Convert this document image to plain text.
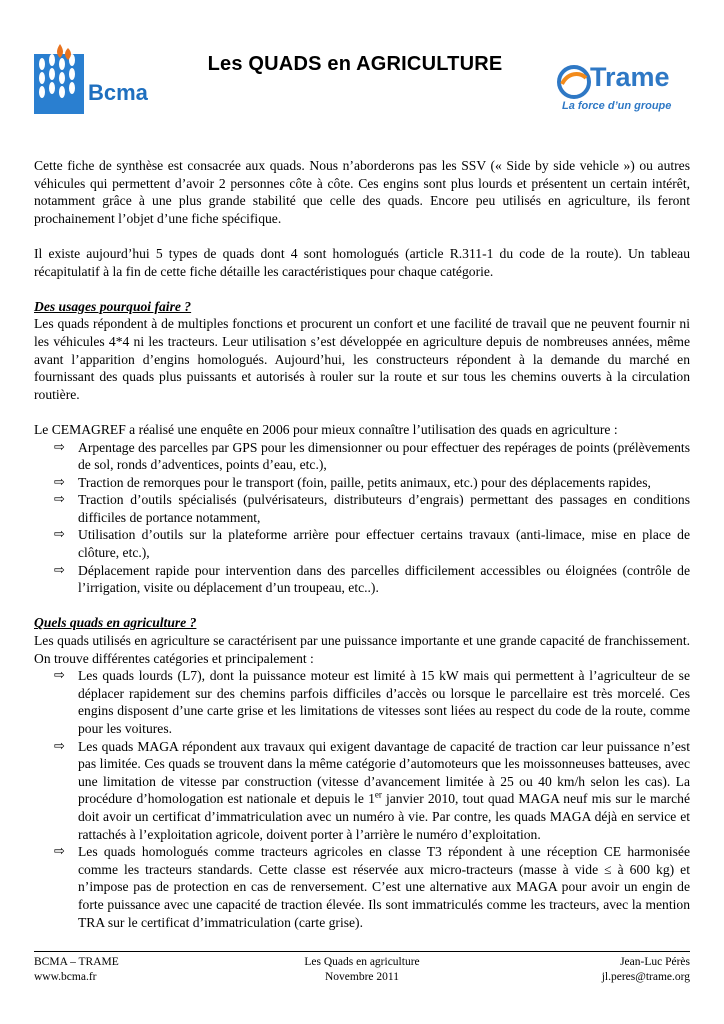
Bcma
Les QUADS en AGRICULTURE	Trame
La force d’un groupe

Cette fiche de synthèse est consacrée aux quads. Nous n’aborderons pas les SSV (« Side by side vehicle ») ou autres véhicules qui permettent d’avoir 2 personnes côte à côte. Ces engins sont plus lourds et présentent un certain intérêt, notamment grâce à une plus grande stabilité que celle des quads. Encore peu utilisés en agriculture, ils feront prochainement l’objet d’une fiche spécifique.

Il existe aujourd’hui 5 types de quads dont 4 sont homologués (article R.311-1 du code de la route). Un tableau récapitulatif à la fin de cette fiche détaille les caractéristiques pour chaque catégorie.

Des usages pourquoi faire ?

Les quads répondent à de multiples fonctions et procurent un confort et une facilité de travail que ne peuvent fournir ni les véhicules 4*4 ni les tracteurs. Leur utilisation s’est développée en agriculture depuis de nombreuses années, même avant l’apparition d’engins homologués. Aujourd’hui, les constructeurs répondent à la demande du marché en fournissant des quads plus puissants et autorisés à rouler sur la route et sur tous les chemins ouverts à la circulation routière.

Le CEMAGREF a réalisé une enquête en 2006 pour mieux connaître l’utilisation des quads en agriculture :

⇨ Arpentage des parcelles par GPS pour les dimensionner ou pour effectuer des repérages de points (prélèvements de sol, ronds d’adventices, points d’eau, etc.),
⇨ Traction de remorques pour le transport (foin, paille, petits animaux, etc.) pour des déplacements rapides,
⇨ Traction d’outils spécialisés (pulvérisateurs, distributeurs d’engrais) permettant des passages en conditions difficiles de portance notamment,
⇨ Utilisation d’outils sur la plateforme arrière pour effectuer certains travaux (anti-limace, mise en place de clôture, etc.),
⇨ Déplacement rapide pour intervention dans des parcelles difficilement accessibles ou éloignées (contrôle de l’irrigation, visite ou déplacement d’un troupeau, etc..).

Quels quads en agriculture ?

Les quads utilisés en agriculture se caractérisent par une puissance importante et une grande capacité de franchissement. On trouve différentes catégories et principalement :

⇨ Les quads lourds (L7), dont la puissance moteur est limité à 15 kW mais qui permettent à l’agriculteur de se déplacer rapidement sur des chemins parfois difficiles d’accès ou lorsque le parcellaire est très morcelé. Ces engins disposent d’une carte grise et les limitations de vitesses sont liées au respect du code de la route, comme pour les voitures.
⇨ Les quads MAGA répondent aux travaux qui exigent davantage de capacité de traction car leur puissance n’est pas limitée. Ces quads se trouvent dans la même catégorie d’automoteurs que les moissonneuses batteuses, avec une limitation de vitesse par construction (vitesse d’avancement limitée à 25 ou 40 km/h selon les cas). La procédure d’homologation est nationale et depuis le 1er janvier 2010, tout quad MAGA neuf mis sur le marché doit avoir un certificat d’immatriculation avec un numéro à vie. Par contre, les quads MAGA déjà en service et rattachés à l’exploitation agricole, doivent porter à l’arrière le numéro d’exploitation.
⇨ Les quads homologués comme tracteurs agricoles en classe T3 répondent à une réception CE harmonisée comme les tracteurs standards. Cette classe est réservée aux micro-tracteurs (masse à vide ≤ à 600 kg) et n’impose pas de protection en cas de renversement. C’est une alternative aux MAGA pour avoir un engin de forte puissance avec une capacité de traction élevée. Ils sont immatriculés comme les tracteurs, avec la mention TRA sur le certificat d’immatriculation (carte grise).
BCMA – TRAME
www.bcma.fr
Les Quads en agriculture
Novembre 2011
Jean-Luc Pérès
jl.peres@trame.org
